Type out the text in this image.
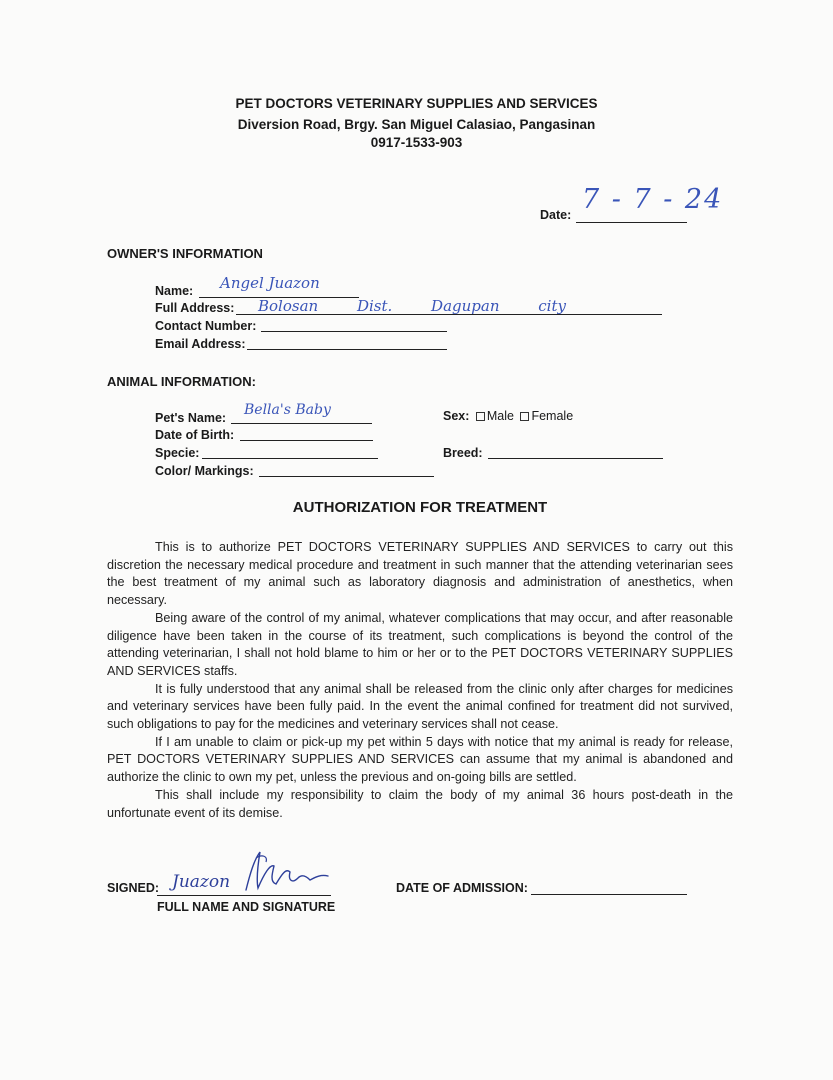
PET DOCTORS VETERINARY SUPPLIES AND SERVICES
Diversion Road, Brgy. San Miguel Calasiao, Pangasinan
0917-1533-903
Date: 7 - 7 - 24
OWNER'S INFORMATION
Name: Angel Juazon
Full Address: Bolosan Dist. Dagupan city
Contact Number:
Email Address:
ANIMAL INFORMATION:
Pet's Name: Bella's Baby	Sex: Male Female
Date of Birth:
Specie:	Breed:
Color/ Markings:
AUTHORIZATION FOR TREATMENT

This is to authorize PET DOCTORS VETERINARY SUPPLIES AND SERVICES to carry out this discretion the necessary medical procedure and treatment in such manner that the attending veterinarian sees the best treatment of my animal such as laboratory diagnosis and administration of anesthetics, when necessary.

Being aware of the control of my animal, whatever complications that may occur, and after reasonable diligence have been taken in the course of its treatment, such complications is beyond the control of the attending veterinarian, I shall not hold blame to him or her or to the PET DOCTORS VETERINARY SUPPLIES AND SERVICES staffs.

It is fully understood that any animal shall be released from the clinic only after charges for medicines and veterinary services have been fully paid. In the event the animal confined for treatment did not survived, such obligations to pay for the medicines and veterinary services shall not cease.

If I am unable to claim or pick-up my pet within 5 days with notice that my animal is ready for release, PET DOCTORS VETERINARY SUPPLIES AND SERVICES can assume that my animal is abandoned and authorize the clinic to own my pet, unless the previous and on-going bills are settled.

This shall include my responsibility to claim the body of my animal 36 hours post-death in the unfortunate event of its demise.

SIGNED: Juazon
FULL NAME AND SIGNATURE
DATE OF ADMISSION:
